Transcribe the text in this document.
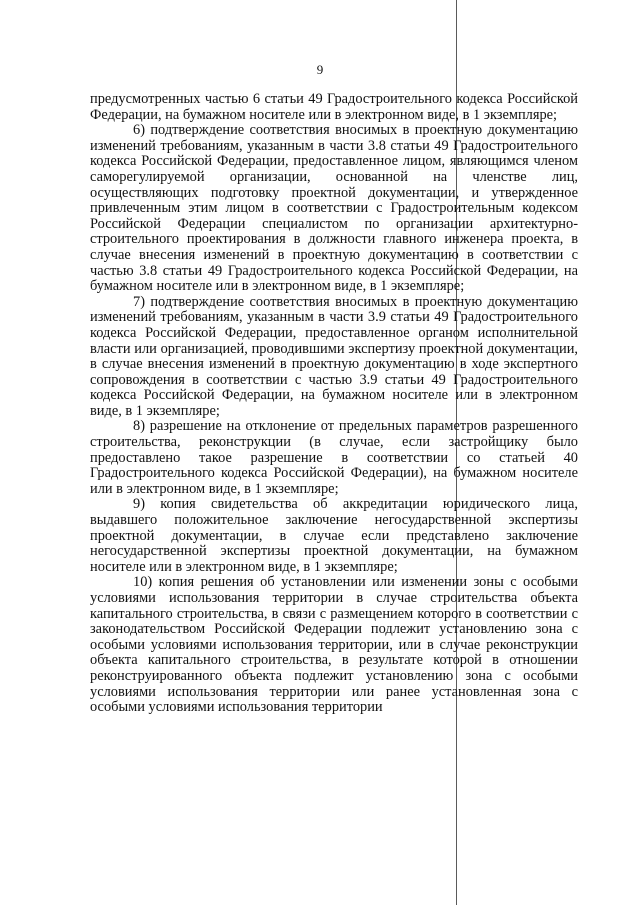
9

предусмотренных частью 6 статьи 49 Градостроительного кодекса Российской Федерации, на бумажном носителе или в электронном виде, в 1 экземпляре;

6) подтверждение соответствия вносимых в проектную документацию изменений требованиям, указанным в части 3.8 статьи 49 Градостроительного кодекса Российской Федерации, предоставленное лицом, являющимся членом саморегулируемой организации, основанной на членстве лиц, осуществляющих подготовку проектной документации, и утвержденное привлеченным этим лицом в соответствии с Градостроительным кодексом Российской Федерации специалистом по организации архитектурно-строительного проектирования в должности главного инженера проекта, в случае внесения изменений в проектную документацию в соответствии с частью 3.8 статьи 49 Градостроительного кодекса Российской Федерации, на бумажном носителе или в электронном виде, в 1 экземпляре;

7) подтверждение соответствия вносимых в проектную документацию изменений требованиям, указанным в части 3.9 статьи 49 Градостроительного кодекса Российской Федерации, предоставленное органом исполнительной власти или организацией, проводившими экспертизу проектной документации, в случае внесения изменений в проектную документацию в ходе экспертного сопровождения в соответствии с частью 3.9 статьи 49 Градостроительного кодекса Российской Федерации, на бумажном носителе или в электронном виде, в 1 экземпляре;

8) разрешение на отклонение от предельных параметров разрешенного строительства, реконструкции (в случае, если застройщику было предоставлено такое разрешение в соответствии со статьей 40 Градостроительного кодекса Российской Федерации), на бумажном носителе или в электронном виде, в 1 экземпляре;

9) копия свидетельства об аккредитации юридического лица, выдавшего положительное заключение негосударственной экспертизы проектной документации, в случае если представлено заключение негосударственной экспертизы проектной документации, на бумажном носителе или в электронном виде, в 1 экземпляре;

10) копия решения об установлении или изменении зоны с особыми условиями использования территории в случае строительства объекта капитального строительства, в связи с размещением которого в соответствии с законодательством Российской Федерации подлежит установлению зона с особыми условиями использования территории, или в случае реконструкции объекта капитального строительства, в результате которой в отношении реконструированного объекта подлежит установлению зона с особыми условиями использования территории или ранее установленная зона с особыми условиями использования территории
